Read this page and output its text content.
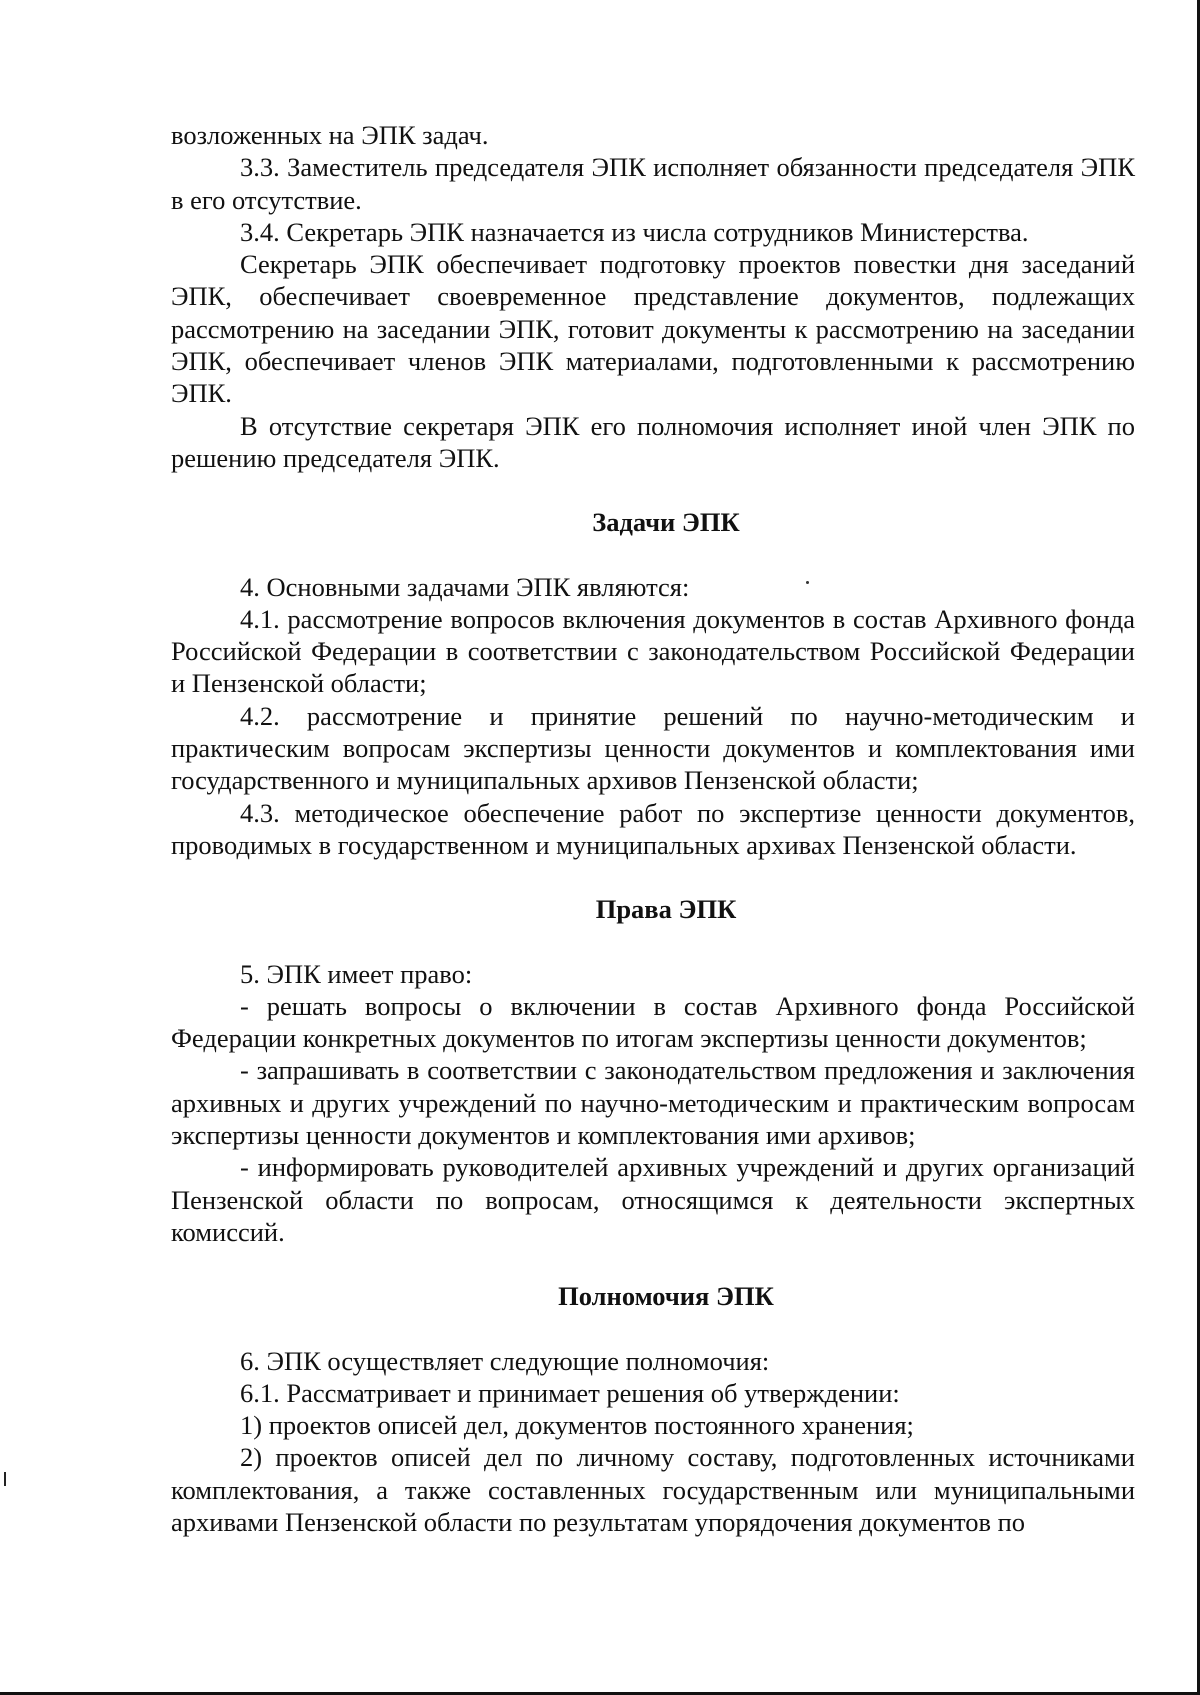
возложенных на ЭПК задач.

3.3. Заместитель председателя ЭПК исполняет обязанности председателя ЭПК в его отсутствие.

3.4. Секретарь ЭПК назначается из числа сотрудников Министерства.

Секретарь ЭПК обеспечивает подготовку проектов повестки дня заседаний ЭПК, обеспечивает своевременное представление документов, подлежащих рассмотрению на заседании ЭПК, готовит документы к рассмотрению на заседании ЭПК, обеспечивает членов ЭПК материалами, подготовленными к рассмотрению ЭПК.

В отсутствие секретаря ЭПК его полномочия исполняет иной член ЭПК по решению председателя ЭПК.

Задачи ЭПК

4. Основными задачами ЭПК являются:

4.1. рассмотрение вопросов включения документов в состав Архивного фонда Российской Федерации в соответствии с законодательством Российской Федерации и Пензенской области;

4.2. рассмотрение и принятие решений по научно-методическим и практическим вопросам экспертизы ценности документов и комплектования ими государственного и муниципальных архивов Пензенской области;

4.3. методическое обеспечение работ по экспертизе ценности документов, проводимых в государственном и муниципальных архивах Пензенской области.

Права ЭПК

5. ЭПК имеет право:

- решать вопросы о включении в состав Архивного фонда Российской Федерации конкретных документов по итогам экспертизы ценности документов;

- запрашивать в соответствии с законодательством предложения и заключения архивных и других учреждений по научно-методическим и практическим вопросам экспертизы ценности документов и комплектования ими архивов;

- информировать руководителей архивных учреждений и других организаций Пензенской области по вопросам, относящимся к деятельности экспертных комиссий.

Полномочия ЭПК

6. ЭПК осуществляет следующие полномочия:

6.1. Рассматривает и принимает решения об утверждении:

1) проектов описей дел, документов постоянного хранения;

2) проектов описей дел по личному составу, подготовленных источниками комплектования, а также составленных государственным или муниципальными архивами Пензенской области по результатам упорядочения документов по
